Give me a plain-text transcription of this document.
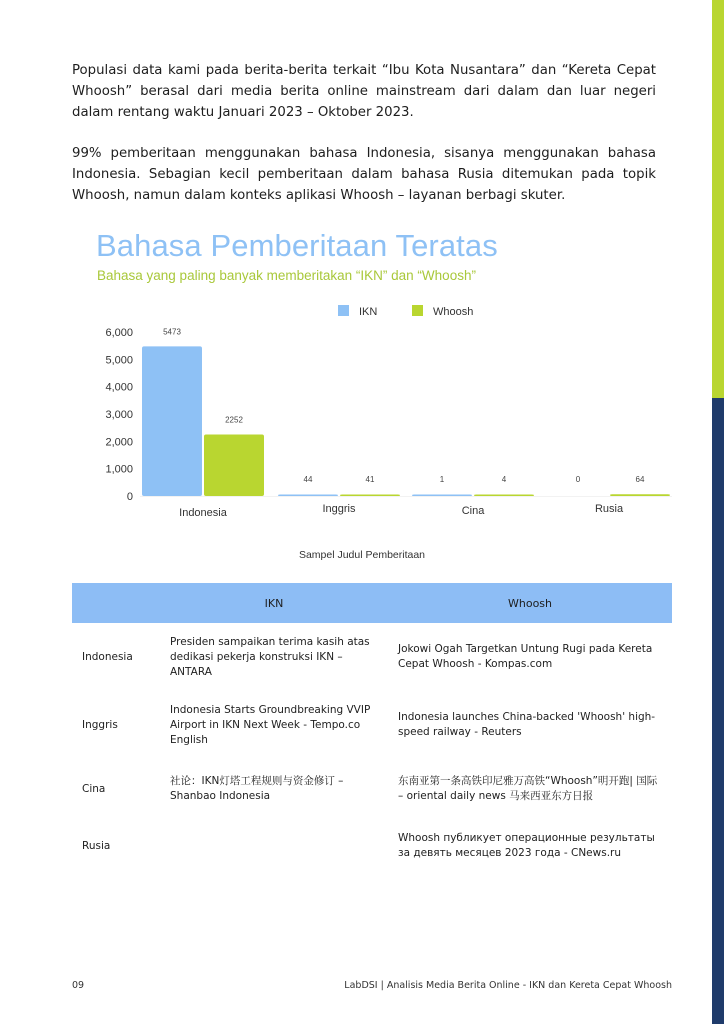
Populasi data kami pada berita-berita terkait “Ibu Kota Nusantara” dan “Kereta Cepat Whoosh” berasal dari media berita online mainstream dari dalam dan luar negeri dalam rentang waktu Januari 2023 – Oktober 2023.

99% pemberitaan menggunakan bahasa Indonesia, sisanya menggunakan bahasa Indonesia. Sebagian kecil pemberitaan dalam bahasa Rusia ditemukan pada topik Whoosh, namun dalam konteks aplikasi Whoosh – layanan berbagi skuter.

Bahasa Pemberitaan Teratas
Bahasa yang paling banyak memberitakan “IKN” dan “Whoosh”
IKN	Whoosh
0
1,000
2,000
3,000
4,000
5,000
6,000	5473
2252
Indonesia
44	41
Inggris
1	4
Cina
0	64
Rusia
Sampel Judul Pemberitaan
	IKN	Whoosh
Indonesia	Presiden sampaikan terima kasih atas dedikasi pekerja konstruksi IKN – ANTARA	Jokowi Ogah Targetkan Untung Rugi pada Kereta Cepat Whoosh - Kompas.com
Inggris	Indonesia Starts Groundbreaking VVIP Airport in IKN Next Week - Tempo.co English	Indonesia launches China-backed 'Whoosh' high-speed railway - Reuters
Cina	社论：IKN灯塔工程规则与资金修订 – Shanbao Indonesia	东南亚第一条高铁印尼雅万高铁“Whoosh”明开跑| 国际 – oriental daily news 马来西亚东方日报
Rusia		Whoosh публикует операционные результаты за девять месяцев 2023 года - CNews.ru
09	LabDSI | Analisis Media Berita Online - IKN dan Kereta Cepat Whoosh
